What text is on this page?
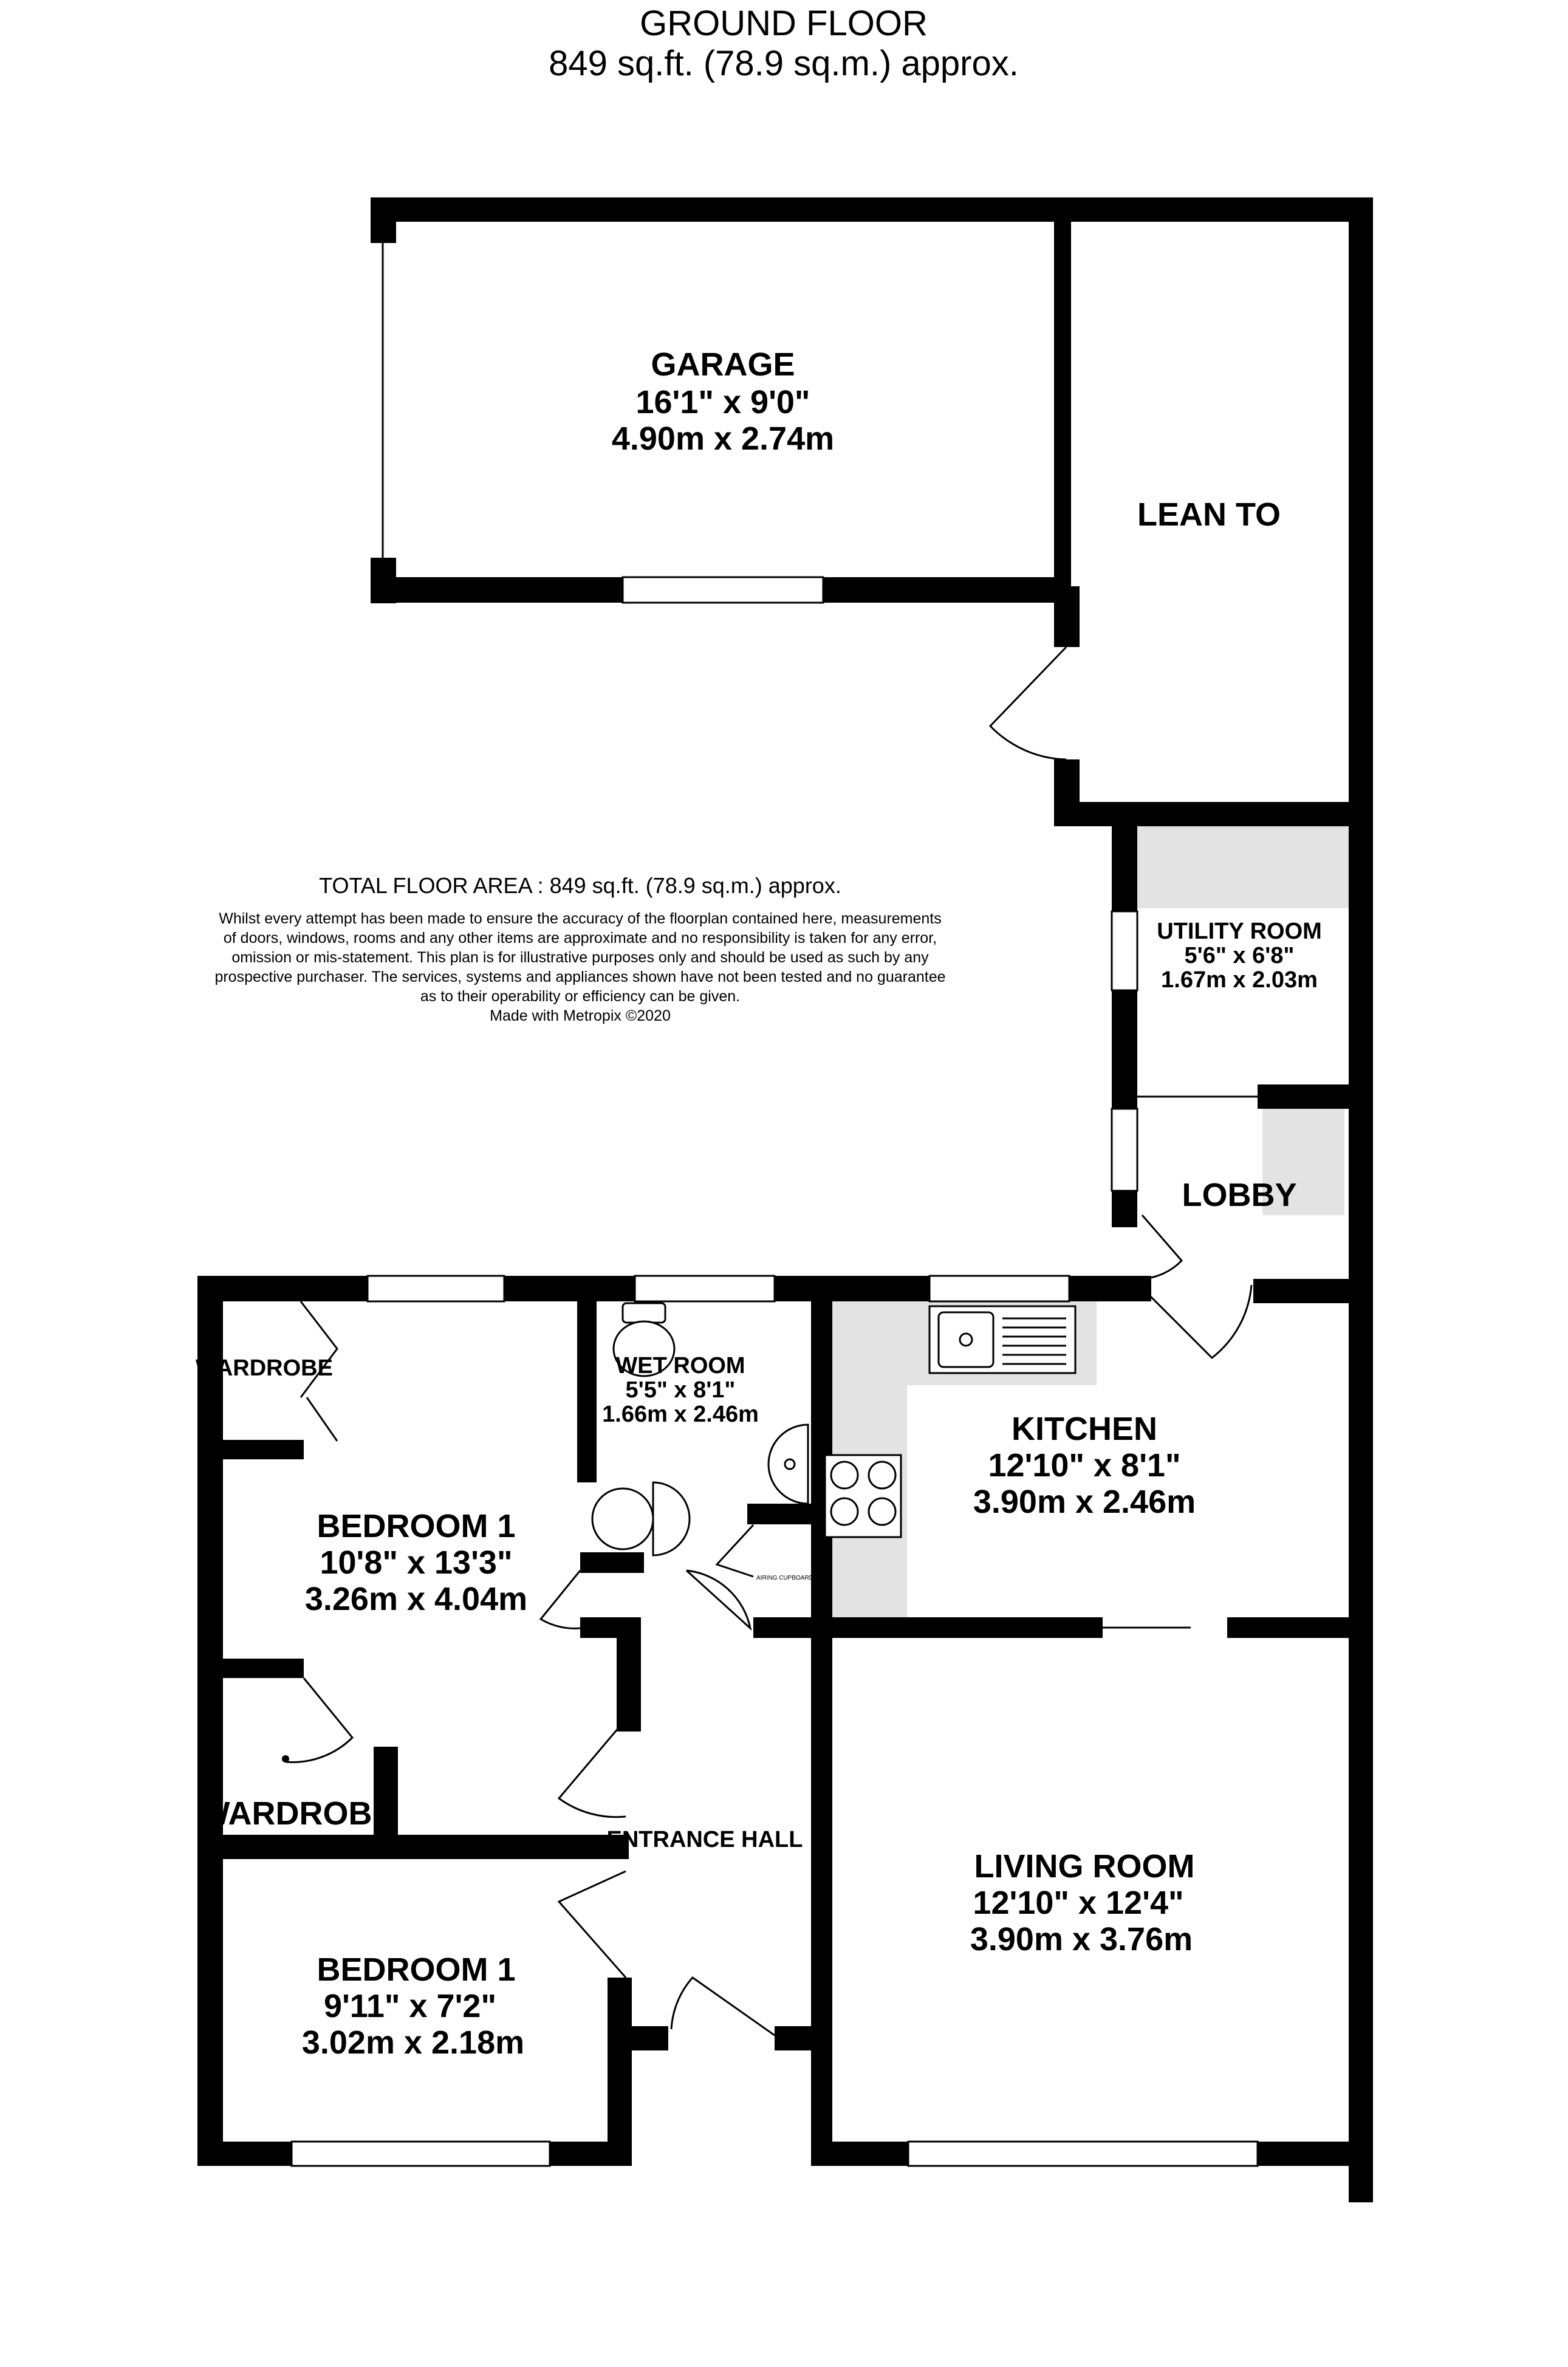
GROUND FLOOR
849 sq.ft. (78.9 sq.m.) approx.
AIRING CUPBOARD
GARAGE
16'1" x 9'0"
4.90m x 2.74m
LEAN TO
UTILITY ROOM
5'6" x 6'8"
1.67m x 2.03m
LOBBY
KITCHEN
12'10" x 8'1"
3.90m x 2.46m
WET ROOM
5'5" x 8'1"
1.66m x 2.46m
WARDROBE
BEDROOM 1
10'8" x 13'3"
3.26m x 4.04m
WARDROBE
ENTRANCE HALL
BEDROOM 1
9'11" x 7'2"
3.02m x 2.18m
LIVING ROOM
12'10" x 12'4"
3.90m x 3.76m
TOTAL FLOOR AREA : 849 sq.ft. (78.9 sq.m.) approx.
Whilst every attempt has been made to ensure the accuracy of the floorplan contained here, measurements
of doors, windows, rooms and any other items are approximate and no responsibility is taken for any error,
omission or mis-statement. This plan is for illustrative purposes only and should be used as such by any
prospective purchaser. The services, systems and appliances shown have not been tested and no guarantee
as to their operability or efficiency can be given.
Made with Metropix ©2020
